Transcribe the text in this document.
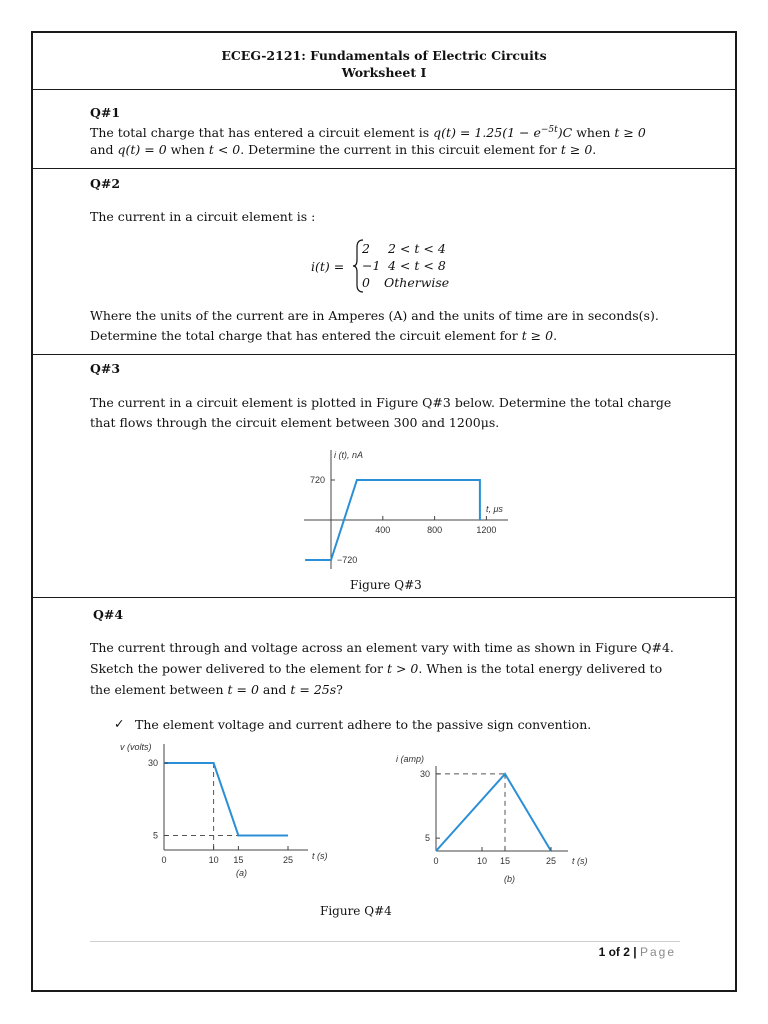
ECEG-2121: Fundamentals of Electric Circuits
Worksheet I
Q#1
The total charge that has entered a circuit element is $q(t) = 1.25(1 - e^{-5t})C$ when t ≥ 0
and q(t) = 0 when t < 0. Determine the current in this circuit element for t ≥ 0.
Q#2
The current in a circuit element is :
i(t) =
2 2 < t < 4
−1 4 < t < 8
0 Otherwise
Where the units of the current are in Amperes (A) and the units of time are in seconds(s).
Determine the total charge that has entered the circuit element for t ≥ 0.
Q#3
The current in a circuit element is plotted in Figure Q#3 below. Determine the total charge
that flows through the circuit element between 300 and 1200μs.
i (t), nA
t, μs
400	800	1200
720
−720
Figure Q#3
Q#4
The current through and voltage across an element vary with time as shown in Figure Q#4.
Sketch the power delivered to the element for t > 0. When is the total energy delivered to
the element between t = 0 and t = 25s?
✓ The element voltage and current adhere to the passive sign convention.
v (volts)
t (s)
(a)
0	10 15	25
30
5
i (amp)
t (s)
(b)
0	10 15	25
30
5
Figure Q#4
1 of 2 | Page
